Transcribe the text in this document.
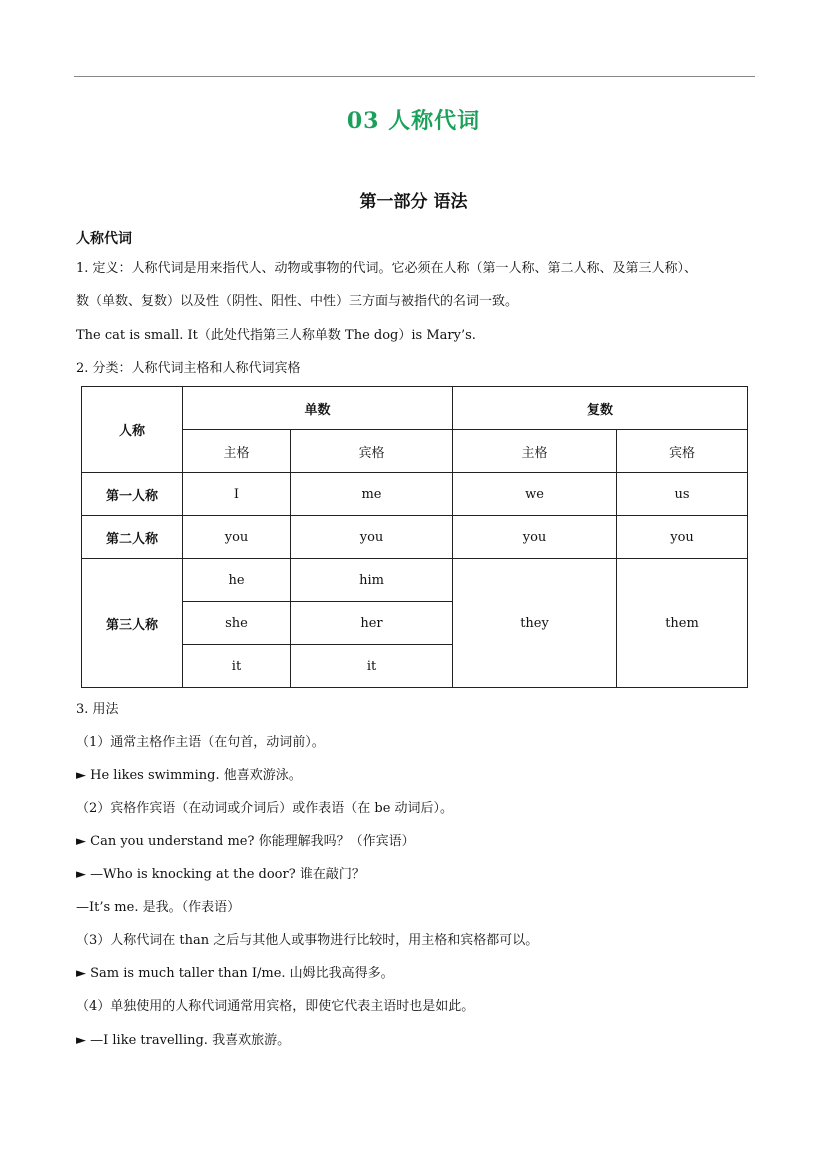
03 人称代词
第一部分 语法
人称代词
1. 定义：人称代词是用来指代人、动物或事物的代词。它必须在人称（第一人称、第二人称、及第三人称）、
数（单数、复数）以及性（阴性、阳性、中性）三方面与被指代的名词一致。
The cat is small. It（此处代指第三人称单数 The dog）is Mary’s.
2. 分类：人称代词主格和人称代词宾格
人称	单数		复数	
	主格	宾格	主格	宾格
第一人称	I	me	we	us
第二人称	you	you	you	you
第三人称	he	him	they	them
	she	her		
	it	it		
3. 用法
（1）通常主格作主语（在句首，动词前）。
► He likes swimming. 他喜欢游泳。
（2）宾格作宾语（在动词或介词后）或作表语（在 be 动词后）。
► Can you understand me? 你能理解我吗？（作宾语）
► —Who is knocking at the door? 谁在敲门？
—It’s me. 是我。（作表语）
（3）人称代词在 than 之后与其他人或事物进行比较时，用主格和宾格都可以。
► Sam is much taller than I/me. 山姆比我高得多。
（4）单独使用的人称代词通常用宾格，即使它代表主语时也是如此。
► —I like travelling. 我喜欢旅游。
